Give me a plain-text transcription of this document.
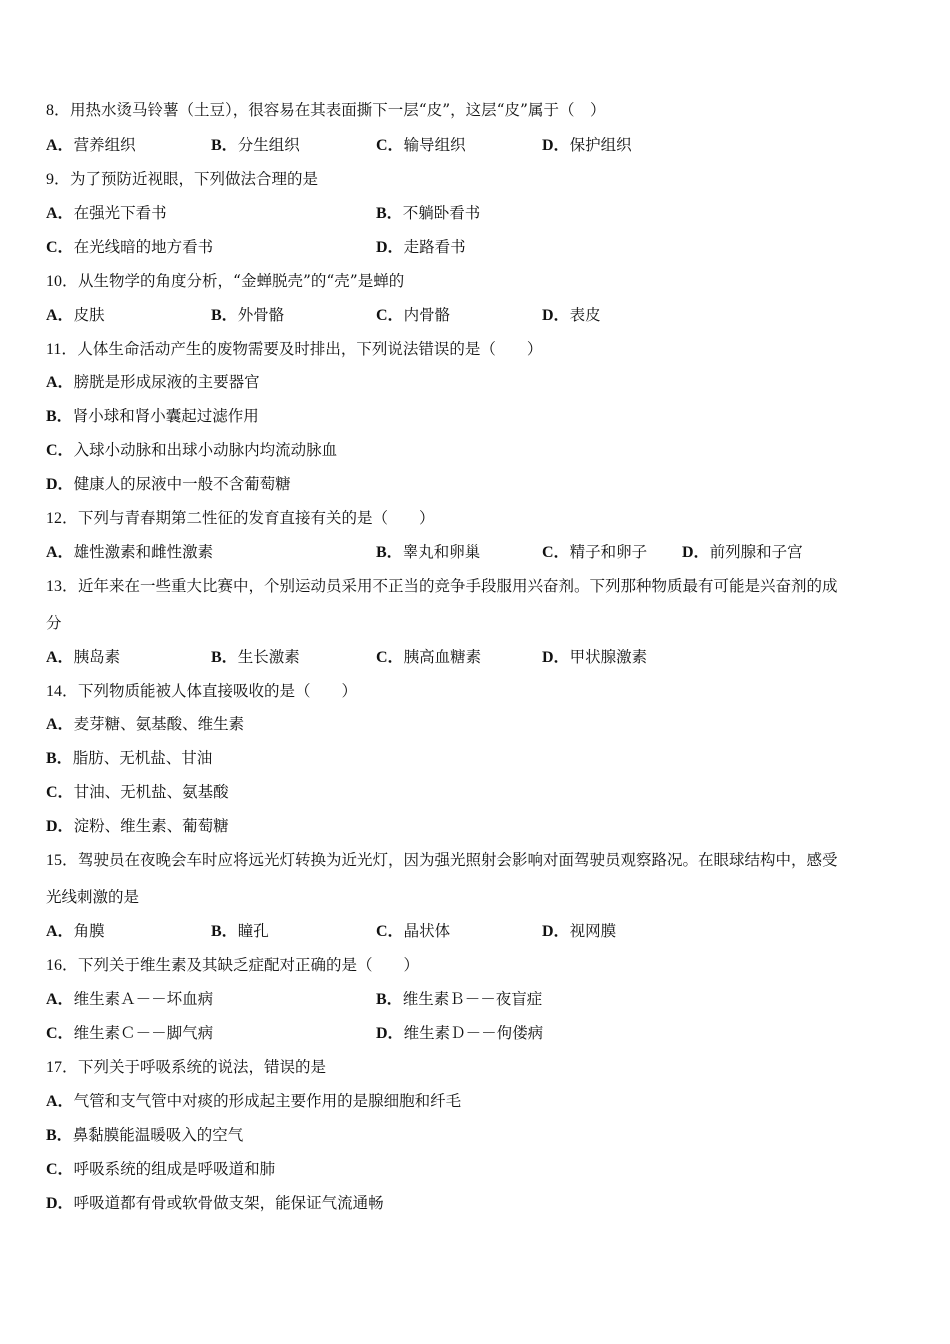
8．用热水烫马铃薯（土豆），很容易在其表面撕下一层“皮”，这层“皮”属于（　）
A．营养组织	B．分生组织	C．输导组织	D．保护组织
9．为了预防近视眼，下列做法合理的是
A．在强光下看书	B．不躺卧看书
C．在光线暗的地方看书	D．走路看书
10．从生物学的角度分析，“金蝉脱壳”的“壳”是蝉的
A．皮肤	B．外骨骼	C．内骨骼	D．表皮
11．人体生命活动产生的废物需要及时排出，下列说法错误的是（　　）
A．膀胱是形成尿液的主要器官
B．肾小球和肾小囊起过滤作用
C．入球小动脉和出球小动脉内均流动脉血
D．健康人的尿液中一般不含葡萄糖
12．下列与青春期第二性征的发育直接有关的是（　　）
A．雄性激素和雌性激素	B．睾丸和卵巢	C．精子和卵子 D．前列腺和子宫
13．近年来在一些重大比赛中，个别运动员采用不正当的竞争手段服用兴奋剂。下列那种物质最有可能是兴奋剂的成
分
A．胰岛素	B．生长激素	C．胰高血糖素	D．甲状腺激素
14．下列物质能被人体直接吸收的是（　　）
A．麦芽糖、氨基酸、维生素
B．脂肪、无机盐、甘油
C．甘油、无机盐、氨基酸
D．淀粉、维生素、葡萄糖
15．驾驶员在夜晚会车时应将远光灯转换为近光灯，因为强光照射会影响对面驾驶员观察路况。在眼球结构中，感受
光线刺激的是
A．角膜	B．瞳孔	C．晶状体	D．视网膜
16．下列关于维生素及其缺乏症配对正确的是（　　）
A．维生素Ａ－－坏血病	B．维生素Ｂ－－夜盲症
C．维生素Ｃ－－脚气病	D．维生素Ｄ－－佝偻病
17．下列关于呼吸系统的说法，错误的是
A．气管和支气管中对痰的形成起主要作用的是腺细胞和纤毛
B．鼻黏膜能温暖吸入的空气
C．呼吸系统的组成是呼吸道和肺
D．呼吸道都有骨或软骨做支架，能保证气流通畅
